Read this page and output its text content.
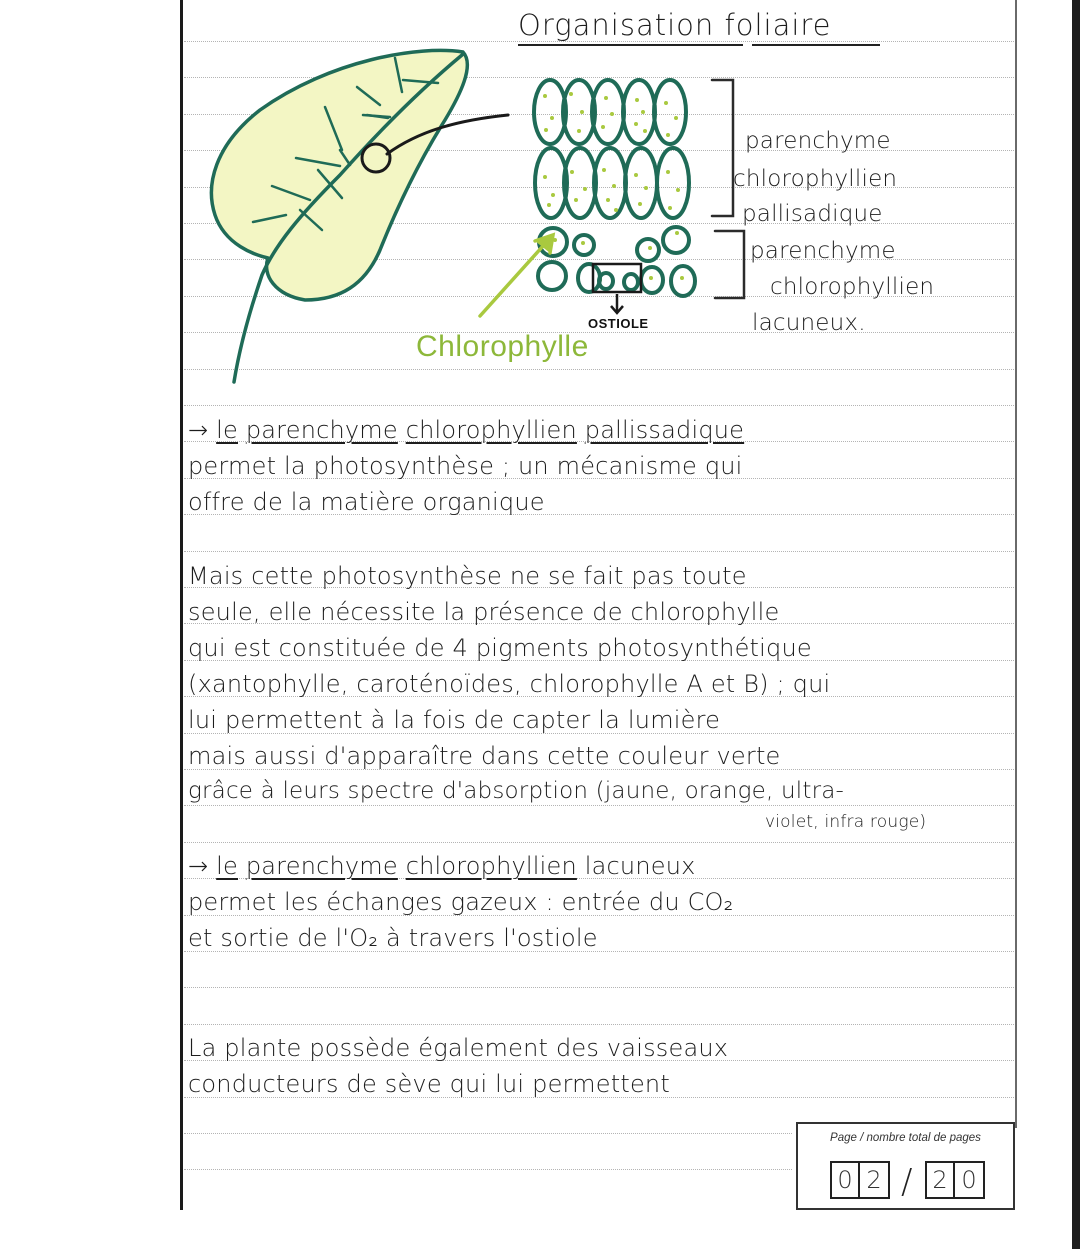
Organisation foliaire
parenchyme
chlorophyllien
pallisadique
parenchyme
chlorophyllien
lacuneux.
OSTIOLE
Chlorophylle
→ le parenchyme chlorophyllien pallissadique
permet la photosynthèse ; un mécanisme qui
offre de la matière organique
Mais cette photosynthèse ne se fait pas toute
seule, elle nécessite la présence de chlorophylle
qui est constituée de 4 pigments photosynthétique
(xantophylle, caroténoïdes, chlorophylle A et B) ; qui
lui permettent à la fois de capter la lumière
mais aussi d'apparaître dans cette couleur verte
grâce à leurs spectre d'absorption (jaune, orange, ultra-
violet, infra rouge)
→ le parenchyme chlorophyllien lacuneux
permet les échanges gazeux : entrée du CO₂
et sortie de l'O₂ à travers l'ostiole
La plante possède également des vaisseaux
conducteurs de sève qui lui permettent
Page / nombre total de pages
0 2 / 2 0
